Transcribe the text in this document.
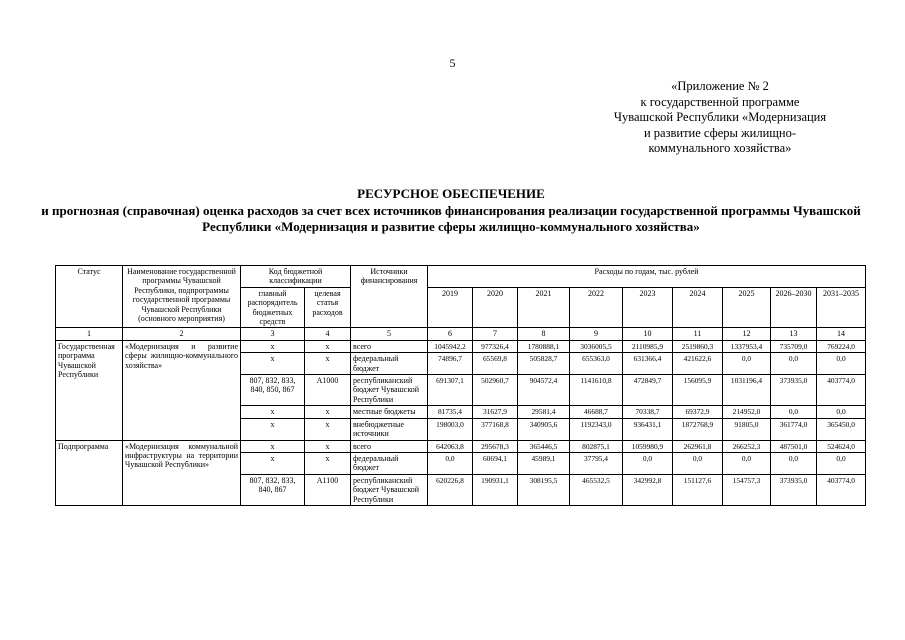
5
«Приложение № 2
к государственной программе
Чувашской Республики «Модернизация
и развитие сферы жилищно-
коммунального хозяйства»
РЕСУРСНОЕ ОБЕСПЕЧЕНИЕ
и прогнозная (справочная) оценка расходов за счет всех источников финансирования реализации государственной программы Чувашской Республики «Модернизация и развитие сферы жилищно-коммунального хозяйства»
Статус	Наименование государственной программы Чувашской Республики, подпрограммы государственной программы Чувашской Республики (основного мероприятия)	Код бюджетной классификации		Источники финансирования	Расходы по годам, тыс. рублей								
		главный распорядитель бюджетных средств	целевая статья расходов		2019	2020	2021	2022	2023	2024	2025	2026–2030	2031–2035
1	2	3	4	5	6	7	8	9	10	11	12	13	14
Государственная программа Чувашской Республики	«Модернизация и развитие сферы жилищно-коммунального хозяйства»	x	x	всего	1045942,2	977326,4	1780888,1	3036005,5	2110985,9	2519860,3	1337953,4	735709,0	769224,0
		x	x	федеральный бюджет	74896,7	65569,8	505828,7	655363,0	631366,4	421622,6	0,0	0,0	0,0
		807, 832, 833, 840, 850, 867	А1000	республиканский бюджет Чувашской Республики	691307,1	502960,7	904572,4	1141610,8	472849,7	156095,9	1031196,4	373935,0	403774,0
		x	x	местные бюджеты	81735,4	31627,9	29581,4	46688,7	70338,7	69372,9	214952,0	0,0	0,0
		x	x	внебюджетные источники	198003,0	377168,8	340905,6	1192343,0	936431,1	1872768,9	91805,0	361774,0	365450,0
Подпрограмма	«Модернизация коммунальной инфраструктуры на территории Чувашской Республики»	x	x	всего	642063,8	295678,3	365446,5	802875,1	1059980,9	262961,8	266252,3	487501,0	524624,0
		x	x	федеральный бюджет	0,0	60694,1	45989,1	37795,4	0,0	0,0	0,0	0,0	0,0
		807, 832, 833, 840, 867	А1100	республиканский бюджет Чувашской Республики	620226,8	190931,1	308195,5	465532,5	342992,8	151127,6	154757,3	373935,0	403774,0
